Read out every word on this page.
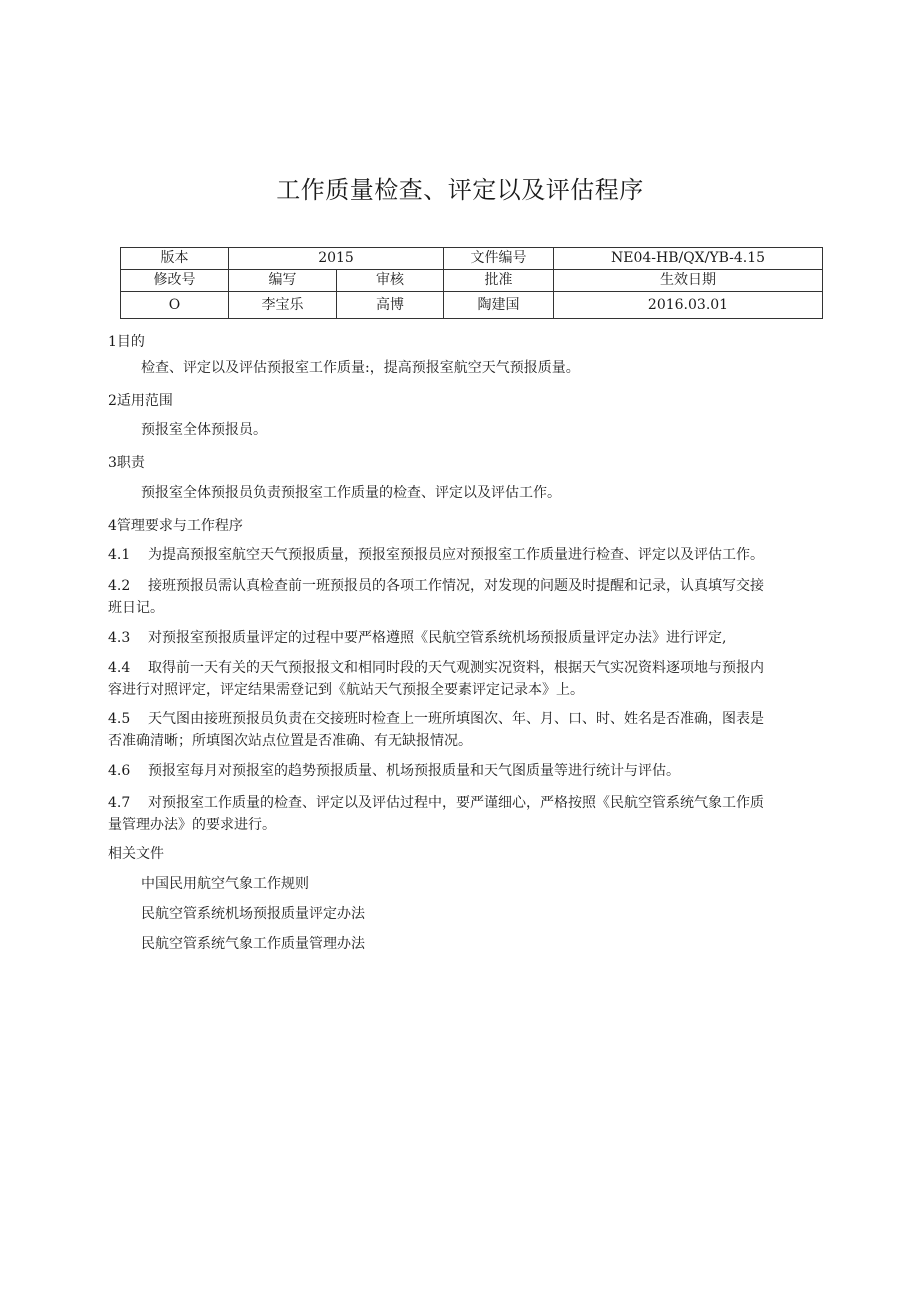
工作质量检查、评定以及评估程序
版本	2015		文件编号	NE04-HB/QX/YB-4.15
修改号	编写	审核	批准	生效日期
O	李宝乐	高博	陶建国	2016.03.01
1目的
检查、评定以及评估预报室工作质量:，提高预报室航空天气预报质量。
2适用范围
预报室全体预报员。
3职责
预报室全体预报员负责预报室工作质量的检查、评定以及评估工作。
4管理要求与工作程序
4.1 为提高预报室航空天气预报质量，预报室预报员应对预报室工作质量进行检查、评定以及评估工作。
4.2 接班预报员需认真检查前一班预报员的各项工作情况，对发现的问题及时提醒和记录，认真填写交接
班日记。
4.3 对预报室预报质量评定的过程中要严格遵照《民航空管系统机场预报质量评定办法》进行评定,
4.4 取得前一天有关的天气预报报文和相同时段的天气观测实况资料，根据天气实况资料逐项地与预报内
容进行对照评定，评定结果需登记到《航站天气预报全要素评定记录本》上。
4.5 天气图由接班预报员负责在交接班时检查上一班所填图次、年、月、口、时、姓名是否准确，图表是
否准确清晰；所填图次站点位置是否准确、有无缺报情况。
4.6 预报室每月对预报室的趋势预报质量、机场预报质量和天气图质量等进行统计与评估。
4.7 对预报室工作质量的检查、评定以及评估过程中，要严谨细心，严格按照《民航空管系统气象工作质
量管理办法》的要求进行。
相关文件
中国民用航空气象工作规则
民航空管系统机场预报质量评定办法
民航空管系统气象工作质量管理办法
